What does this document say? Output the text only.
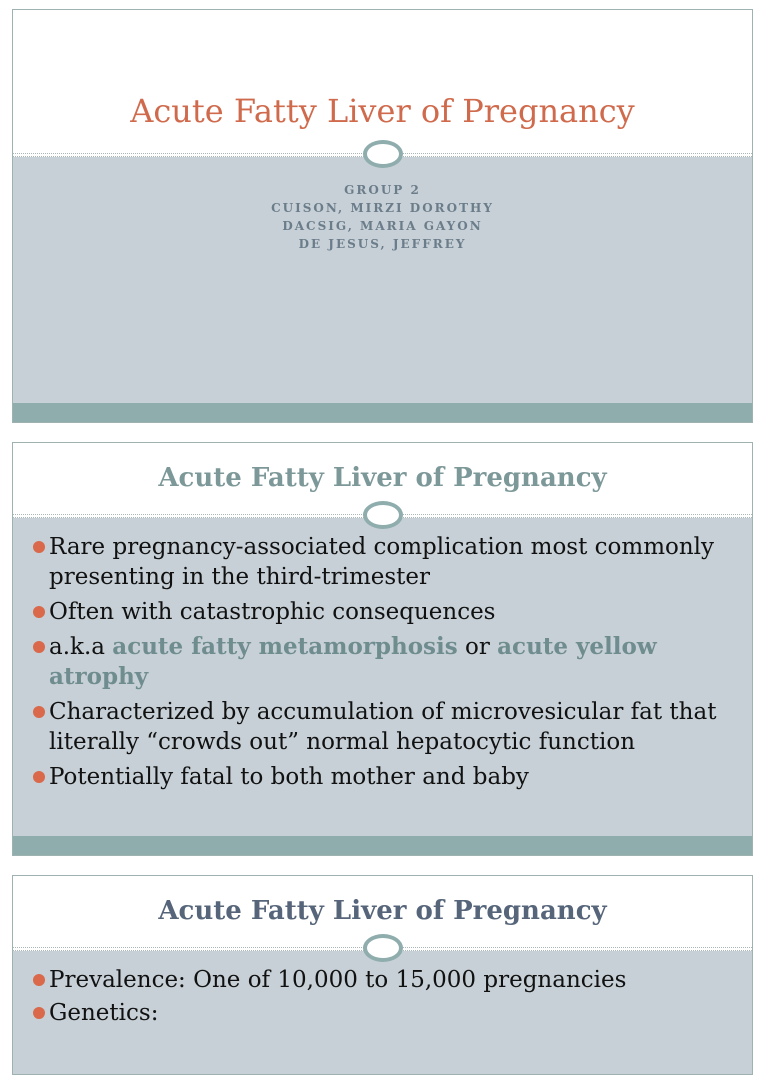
Acute Fatty Liver of Pregnancy
GROUP 2
CUISON, MIRZI DOROTHY
DACSIG, MARIA GAYON
DE JESUS, JEFFREY
Acute Fatty Liver of Pregnancy
Rare pregnancy-associated complication most commonly presenting in the third-trimester
Often with catastrophic consequences
a.k.a acute fatty metamorphosis or acute yellow atrophy
Characterized by accumulation of microvesicular fat that literally “crowds out” normal hepatocytic function
Potentially fatal to both mother and baby
Acute Fatty Liver of Pregnancy
Prevalence: One of 10,000 to 15,000 pregnancies
Genetics:
